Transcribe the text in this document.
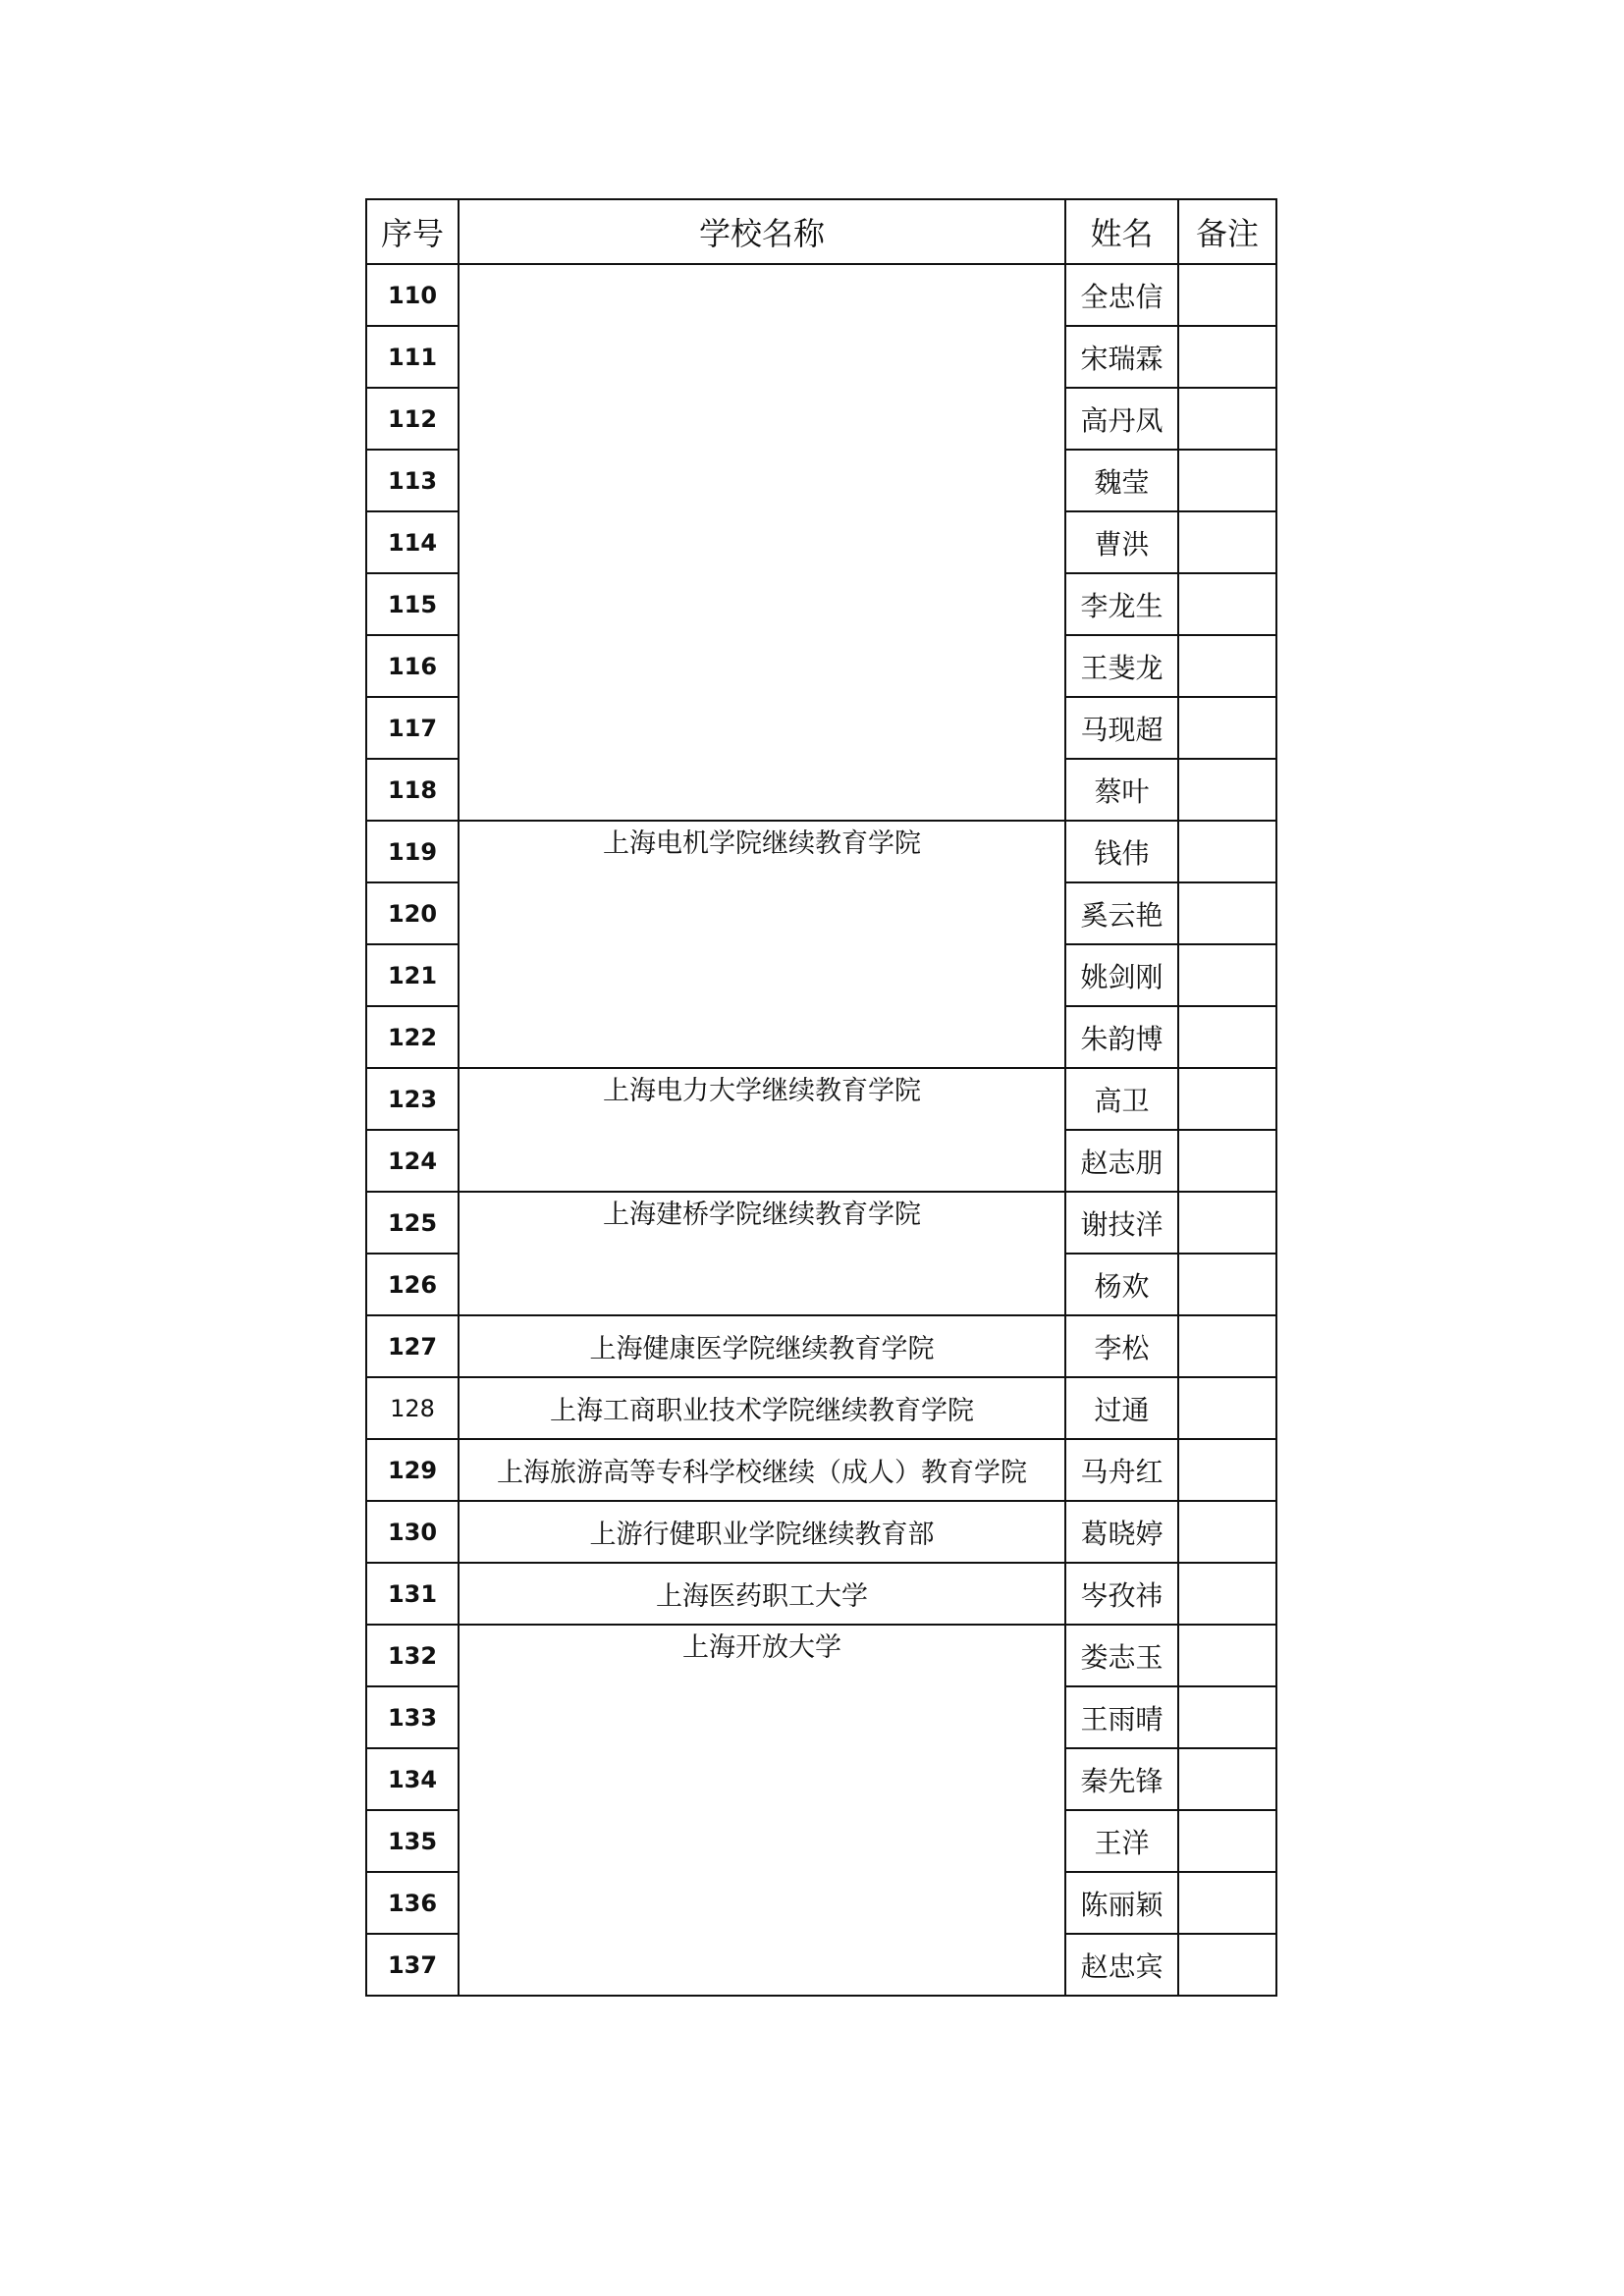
序号	学校名称	姓名	备注
110		全忠信	
111		宋瑞霖	
112		高丹凤	
113		魏莹	
114		曹洪	
115		李龙生	
116		王斐龙	
117		马现超	
118		蔡叶	
119	上海电机学院继续教育学院	钱伟	
120		奚云艳	
121		姚剑刚	
122		朱韵博	
123	上海电力大学继续教育学院	高卫	
124		赵志朋	
125	上海建桥学院继续教育学院	谢技洋	
126		杨欢	
127	上海健康医学院继续教育学院	李松	
128	上海工商职业技术学院继续教育学院	过通	
129	上海旅游高等专科学校继续（成人）教育学院	马舟红	
130	上游行健职业学院继续教育部	葛晓婷	
131	上海医药职工大学	岑孜祎	
132	上海开放大学	娄志玉	
133		王雨晴	
134		秦先锋	
135		王洋	
136		陈丽颖	
137		赵忠宾	
